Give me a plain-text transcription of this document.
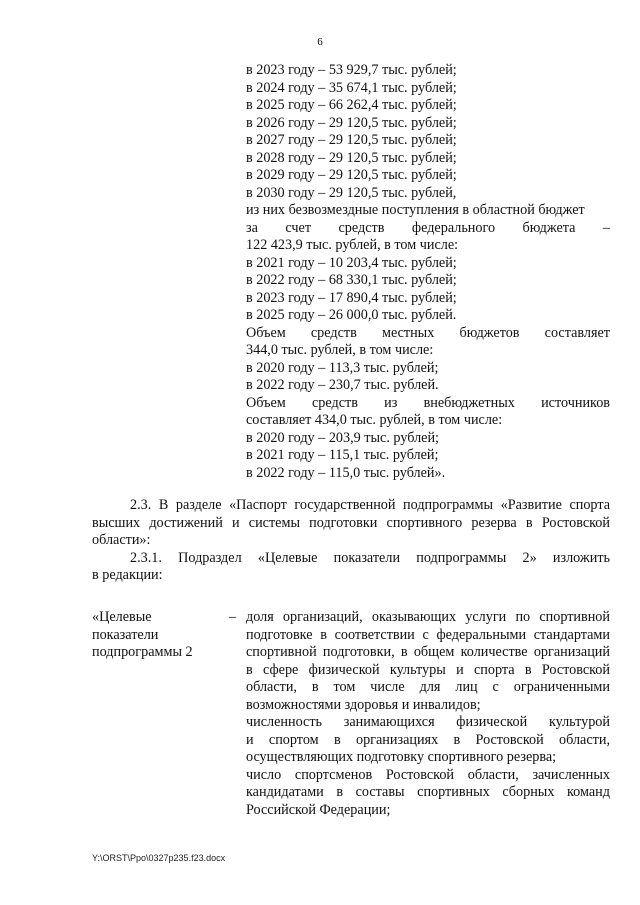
6
в 2023 году – 53 929,7 тыс. рублей;
в 2024 году – 35 674,1 тыс. рублей;
в 2025 году – 66 262,4 тыс. рублей;
в 2026 году – 29 120,5 тыс. рублей;
в 2027 году – 29 120,5 тыс. рублей;
в 2028 году – 29 120,5 тыс. рублей;
в 2029 году – 29 120,5 тыс. рублей;
в 2030 году – 29 120,5 тыс. рублей,
из них безвозмездные поступления в областной бюджет
за счет средств федерального бюджета –
122 423,9 тыс. рублей, в том числе:
в 2021 году – 10 203,4 тыс. рублей;
в 2022 году – 68 330,1 тыс. рублей;
в 2023 году – 17 890,4 тыс. рублей;
в 2025 году – 26 000,0 тыс. рублей.
Объем средств местных бюджетов составляет
344,0 тыс. рублей, в том числе:
в 2020 году – 113,3 тыс. рублей;
в 2022 году – 230,7 тыс. рублей.
Объем средств из внебюджетных источников
составляет 434,0 тыс. рублей, в том числе:
в 2020 году – 203,9 тыс. рублей;
в 2021 году – 115,1 тыс. рублей;
в 2022 году – 115,0 тыс. рублей».
2.3. В разделе «Паспорт государственной подпрограммы «Развитие спорта
высших достижений и системы подготовки спортивного резерва в Ростовской
области»:
2.3.1. Подраздел «Целевые показатели подпрограммы 2» изложить
в редакции:
«Целевые
показатели
подпрограммы 2
– доля организаций, оказывающих услуги по спортивной
подготовке в соответствии с федеральными стандартами
спортивной подготовки, в общем количестве организаций
в сфере физической культуры и спорта в Ростовской
области, в том числе для лиц с ограниченными
возможностями здоровья и инвалидов;
численность занимающихся физической культурой
и спортом в организациях в Ростовской области,
осуществляющих подготовку спортивного резерва;
число спортсменов Ростовской области, зачисленных
кандидатами в составы спортивных сборных команд
Российской Федерации;
Y:\ORST\Ppo\0327p235.f23.docx
